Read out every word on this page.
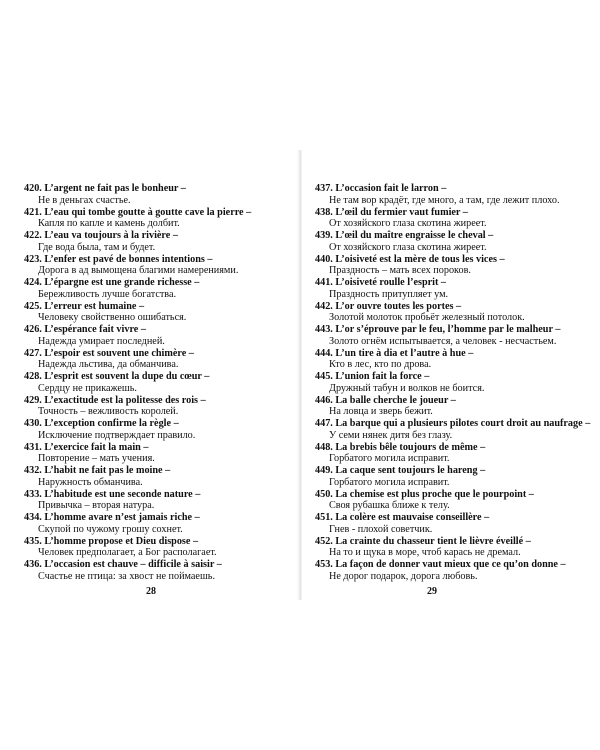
420. L’argent ne fait pas le bonheur –
Не в деньгах счастье.
421. L’eau qui tombe goutte à goutte cave la pierre –
Капля по капле и камень долбит.
422. L’eau va toujours à la rivière –
Где вода была, там и будет.
423. L’enfer est pavé de bonnes intentions –
Дорога в ад вымощена благими намерениями.
424. L’épargne est une grande richesse –
Бережливость лучше богатства.
425. L’erreur est humaine –
Человеку свойственно ошибаться.
426. L’espérance fait vivre –
Надежда умирает последней.
427. L’espoir est souvent une chimère –
Надежда льстива, да обманчива.
428. L’esprit est souvent la dupe du cœur –
Сердцу не прикажешь.
429. L’exactitude est la politesse des rois –
Точность – вежливость королей.
430. L’exception confirme la règle –
Исключение подтверждает правило.
431. L’exercice fait la main –
Повторение – мать учения.
432. L’habit ne fait pas le moine –
Наружность обманчива.
433. L’habitude est une seconde nature –
Привычка – вторая натура.
434. L’homme avare n’est jamais riche –
Скупой по чужому грошу сохнет.
435. L’homme propose et Dieu dispose –
Человек предполагает, а Бог располагает.
436. L’occasion est chauve – difficile à saisir –
Счастье не птица: за хвост не поймаешь.
28
437. L’occasion fait le larron –
Не там вор крадёт, где много, а там, где лежит плохо.
438. L’œil du fermier vaut fumier –
От хозяйского глаза скотина жиреет.
439. L’œil du maître engraisse le cheval –
От хозяйского глаза скотина жиреет.
440. L’oisiveté est la mère de tous les vices –
Праздность – мать всех пороков.
441. L’oisiveté roulle l’esprit –
Праздность притупляет ум.
442. L’or ouvre toutes les portes –
Золотой молоток пробьёт железный потолок.
443. L’or s’éprouve par le feu, l’homme par le malheur –
Золото огнём испытывается, а человек - несчастьем.
444. L’un tire à dia et l’autre à hue –
Кто в лес, кто по дрова.
445. L’union fait la force –
Дружный табун и волков не боится.
446. La balle cherche le joueur –
На ловца и зверь бежит.
447. La barque qui a plusieurs pilotes court droit au naufrage –
У семи нянек дитя без глазу.
448. La brebis bêle toujours de même –
Горбатого могила исправит.
449. La caque sent toujours le hareng –
Горбатого могила исправит.
450. La chemise est plus proche que le pourpoint –
Своя рубашка ближе к телу.
451. La colère est mauvaise conseillère –
Гнев - плохой советчик.
452. La crainte du chasseur tient le lièvre éveillé –
На то и щука в море, чтоб карась не дремал.
453. La façon de donner vaut mieux que ce qu’on donne –
Не дорог подарок, дорога любовь.
29
